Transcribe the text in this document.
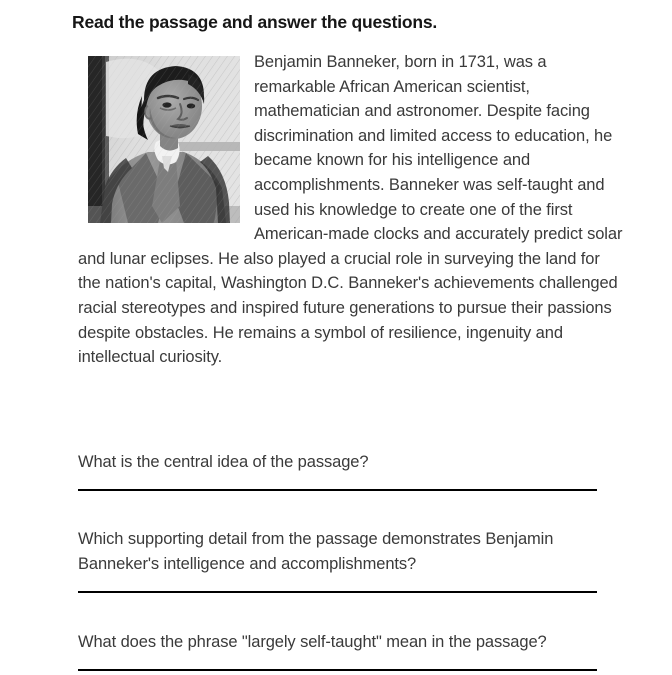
Read the passage and answer the questions.
Benjamin Banneker, born in 1731, was a remarkable African American scientist, mathematician and astronomer. Despite facing discrimination and limited access to education, he became known for his intelligence and accomplishments. Banneker was self-taught and used his knowledge to create one of the first American-made clocks and accurately predict solar and lunar eclipses. He also played a crucial role in surveying the land for the nation's capital, Washington D.C. Banneker's achievements challenged racial stereotypes and inspired future generations to pursue their passions despite obstacles. He remains a symbol of resilience, ingenuity and intellectual curiosity.
What is the central idea of the passage?
Which supporting detail from the passage demonstrates Benjamin Banneker's intelligence and accomplishments?
What does the phrase "largely self-taught" mean in the passage?
